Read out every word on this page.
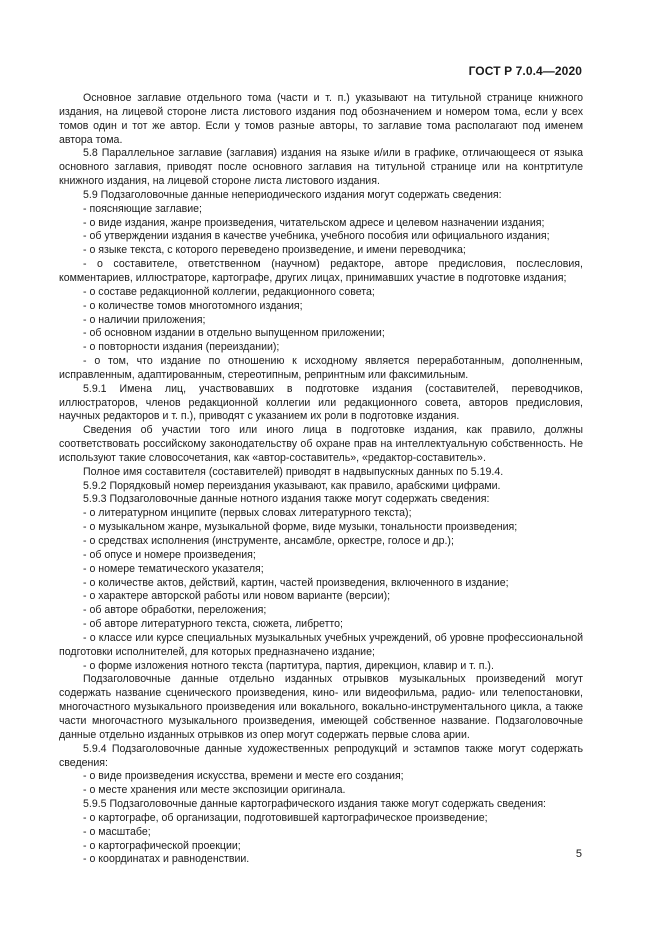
ГОСТ Р 7.0.4—2020

Основное заглавие отдельного тома (части и т. п.) указывают на титульной странице книжного издания, на лицевой стороне листа листового издания под обозначением и номером тома, если у всех томов один и тот же автор. Если у томов разные авторы, то заглавие тома располагают под именем автора тома.

5.8 Параллельное заглавие (заглавия) издания на языке и/или в графике, отличающееся от языка основного заглавия, приводят после основного заглавия на титульной странице или на контртитуле книжного издания, на лицевой стороне листа листового издания.

5.9 Подзаголовочные данные непериодического издания могут содержать сведения:

- поясняющие заглавие;

- о виде издания, жанре произведения, читательском адресе и целевом назначении издания;

- об утверждении издания в качестве учебника, учебного пособия или официального издания;

- о языке текста, с которого переведено произведение, и имени переводчика;

- о составителе, ответственном (научном) редакторе, авторе предисловия, послесловия, комментариев, иллюстраторе, картографе, других лицах, принимавших участие в подготовке издания;

- о составе редакционной коллегии, редакционного совета;

- о количестве томов многотомного издания;

- о наличии приложения;

- об основном издании в отдельно выпущенном приложении;

- о повторности издания (переиздании);

- о том, что издание по отношению к исходному является переработанным, дополненным, исправленным, адаптированным, стереотипным, репринтным или факсимильным.

5.9.1 Имена лиц, участвовавших в подготовке издания (составителей, переводчиков, иллюстраторов, членов редакционной коллегии или редакционного совета, авторов предисловия, научных редакторов и т. п.), приводят с указанием их роли в подготовке издания.

Сведения об участии того или иного лица в подготовке издания, как правило, должны соответствовать российскому законодательству об охране прав на интеллектуальную собственность. Не используют такие словосочетания, как «автор-составитель», «редактор-составитель».

Полное имя составителя (составителей) приводят в надвыпускных данных по 5.19.4.

5.9.2 Порядковый номер переиздания указывают, как правило, арабскими цифрами.

5.9.3 Подзаголовочные данные нотного издания также могут содержать сведения:

- о литературном инципите (первых словах литературного текста);

- о музыкальном жанре, музыкальной форме, виде музыки, тональности произведения;

- о средствах исполнения (инструменте, ансамбле, оркестре, голосе и др.);

- об опусе и номере произведения;

- о номере тематического указателя;

- о количестве актов, действий, картин, частей произведения, включенного в издание;

- о характере авторской работы или новом варианте (версии);

- об авторе обработки, переложения;

- об авторе литературного текста, сюжета, либретто;

- о классе или курсе специальных музыкальных учебных учреждений, об уровне профессиональной подготовки исполнителей, для которых предназначено издание;

- о форме изложения нотного текста (партитура, партия, дирекцион, клавир и т. п.).

Подзаголовочные данные отдельно изданных отрывков музыкальных произведений могут содержать название сценического произведения, кино- или видеофильма, радио- или телепостановки, многочастного музыкального произведения или вокального, вокально-инструментального цикла, а также части многочастного музыкального произведения, имеющей собственное название. Подзаголовочные данные отдельно изданных отрывков из опер могут содержать первые слова арии.

5.9.4 Подзаголовочные данные художественных репродукций и эстампов также могут содержать сведения:

- о виде произведения искусства, времени и месте его создания;

- о месте хранения или месте экспозиции оригинала.

5.9.5 Подзаголовочные данные картографического издания также могут содержать сведения:

- о картографе, об организации, подготовившей картографическое произведение;

- о масштабе;

- о картографической проекции;

- о координатах и равноденствии.	5
